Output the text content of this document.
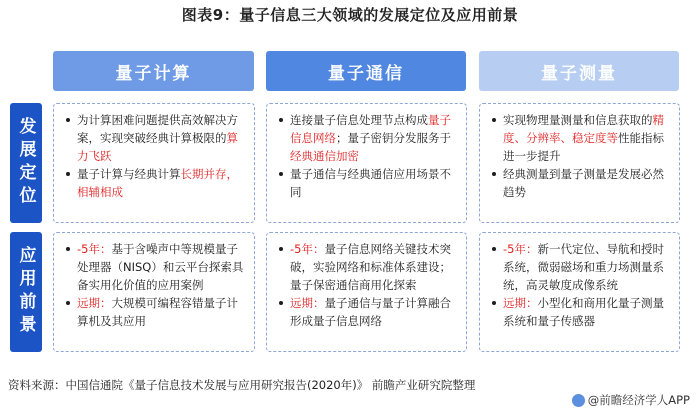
图表9：量子信息三大领域的发展定位及应用前景
量子计算	量子通信	量子测量
发展定位
应用前景
为计算困难问题提供高效解决方案，实现突破经典计算极限的算力飞跃
量子计算与经典计算长期并存，相辅相成
连接量子信息处理节点构成量子信息网络；量子密钥分发服务于经典通信加密
量子通信与经典通信应用场景不同
实现物理量测量和信息获取的精度、分辨率、稳定度等性能指标进一步提升
经典测量到量子测量是发展必然趋势
-5年：基于含噪声中等规模量子处理器（NISQ）和云平台探索具备实用化价值的应用案例
远期：大规模可编程容错量子计算机及其应用
-5年：量子信息网络关键技术突破，实验网络和标准体系建设；量子保密通信商用化探索
远期：量子通信与量子计算融合形成量子信息网络
-5年：新一代定位、导航和授时系统，微弱磁场和重力场测量系统，高灵敏度成像系统
远期：小型化和商用化量子测量系统和量子传感器
资料来源：中国信通院《量子信息技术发展与应用研究报告(2020年)》 前瞻产业研究院整理
@前瞻经济学人APP
